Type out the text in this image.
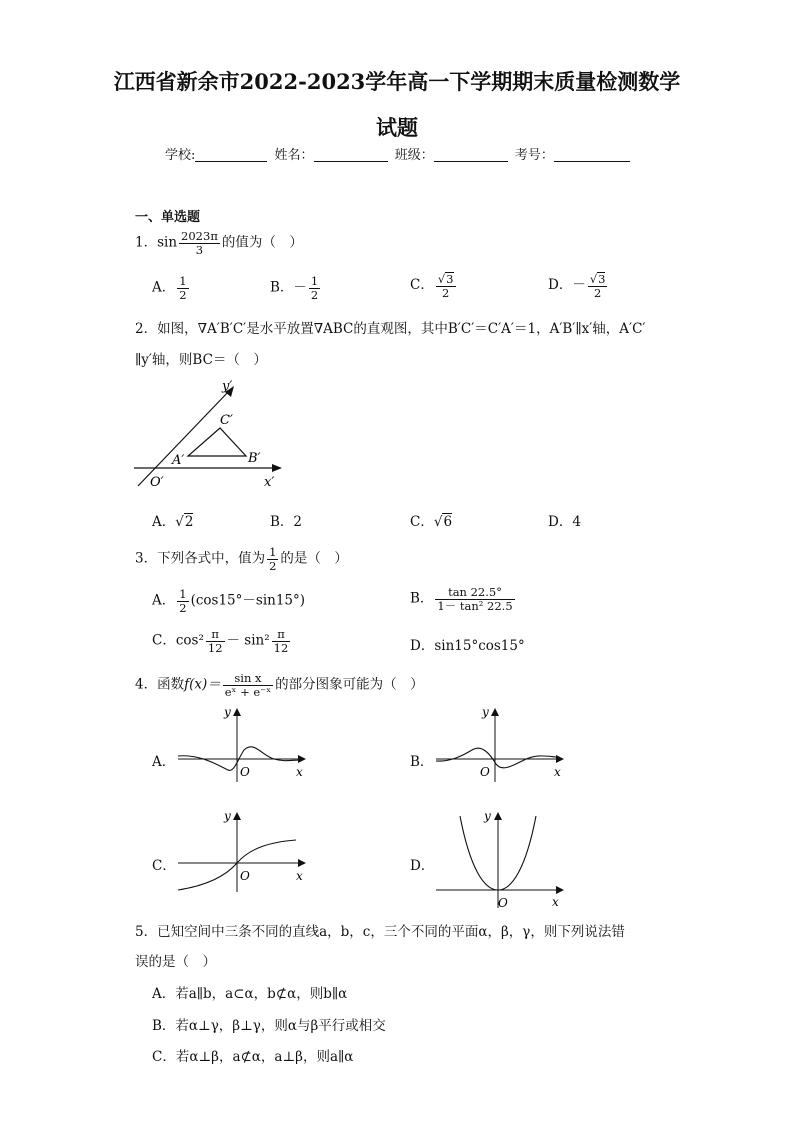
江西省新余市2022-2023学年高一下学期期末质量检测数学
试题
学校:	姓名：	班级：	考号：
一、单选题
1．$\sin \frac{2023\pi}{3}$ 的值为（　）
A． $\frac{1}{2}$	B．－ $\frac{1}{2}$	C． $\frac{√3}{2}$	D．－ $\frac{√3}{2}$
2．如图，∇A′B′C′是水平放置∇ABC的直观图，其中B′C′＝C′A′＝1，A′B′∥x′轴，A′C′
∥y′轴，则BC＝（　）
y′
x′
C′
A′	B′
O′
A．√2	B．2	C．√6	D．4
3．下列各式中，值为 $\frac{1}{2}$ 的是（　）
A． $\frac{1}{2} (\cos 15^\circ-\sin 15^\circ)$	B． $\frac{\tan 22.5^\circ}{\text{1－ tan² 22.5}}$
C．$\cos^2 \frac{\pi}{12} - \sin^2 \frac{\pi}{12}$	D．sin15°cos15°
4．函数$f(x)= \frac{\text{sin x}}{\text{eˣ + e⁻ˣ}}$ 的部分图象可能为（　）
A．
y
x
O
B．
y
x
O
C．
y
x
O
D．
y
x
O
5．已知空间中三条不同的直线a，b，c，三个不同的平面α，β，γ，则下列说法错
误的是（　）
A．若a∥b，a⊂α，b⊄α，则b∥α
B．若α⊥γ，β⊥γ，则α与β平行或相交
C．若α⊥β，a⊄α，a⊥β，则a∥α
